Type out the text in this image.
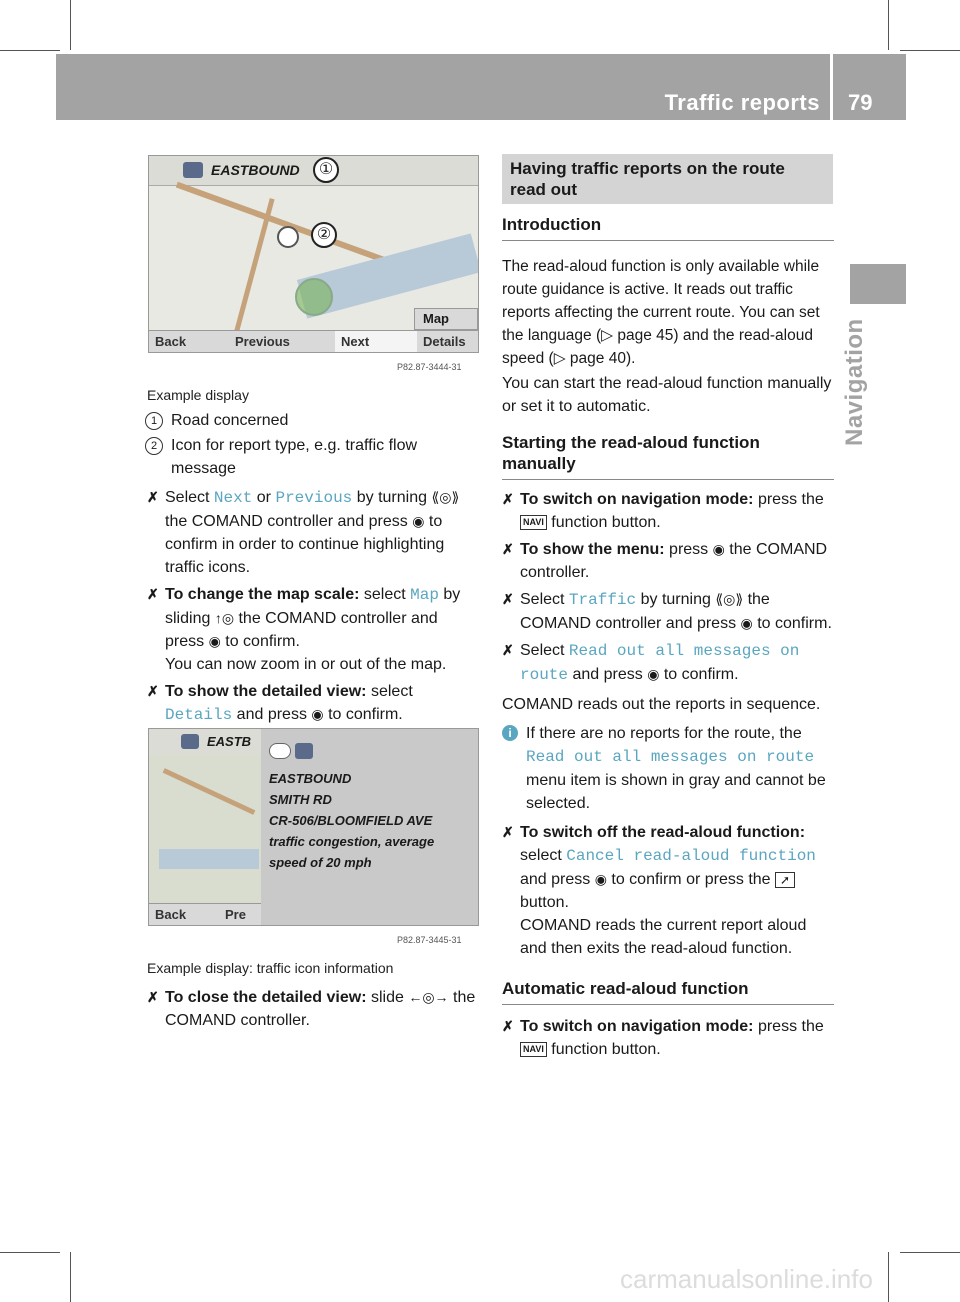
Traffic reports 79
Navigation
EASTBOUND	①
②
Map
Back	Previous	Next	Details
P82.87-3444-31
Example display
1 Road concerned
2 Icon for report type, e.g. traffic flow message
✗ Select Next or Previous by turning ⟪◎⟫ the COMAND controller and press ◉ to confirm in order to continue highlighting traffic icons.
✗ To change the map scale: select Map by sliding ↑◎ the COMAND controller and press ◉ to confirm.
You can now zoom in or out of the map.
✗ To show the detailed view: select Details and press ◉ to confirm.
EASTB
EASTBOUND
SMITH RD
CR-506/BLOOMFIELD AVE
traffic congestion, average
speed of 20 mph
Back	Pre
P82.87-3445-31
Example display: traffic icon information
✗ To close the detailed view: slide ←◎→ the COMAND controller.
Having traffic reports on the route read out
Introduction

The read-aloud function is only available while route guidance is active. It reads out traffic reports affecting the current route. You can set the language (▷ page 45) and the read-aloud speed (▷ page 40).

You can start the read-aloud function manually or set it to automatic.

Starting the read-aloud function manually
✗ To switch on navigation mode: press the NAVI function button.
✗ To show the menu: press ◉ the COMAND controller.
✗ Select Traffic by turning ⟪◎⟫ the COMAND controller and press ◉ to confirm.
✗ Select Read out all messages on route and press ◉ to confirm.

COMAND reads out the reports in sequence.

i If there are no reports for the route, the Read out all messages on route menu item is shown in gray and cannot be selected.
✗ To switch off the read-aloud function: select Cancel read-aloud function and press ◉ to confirm or press the ➚ button.
COMAND reads the current report aloud and then exits the read-aloud function.
Automatic read-aloud function
✗ To switch on navigation mode: press the NAVI function button.
carmanualsonline.info
